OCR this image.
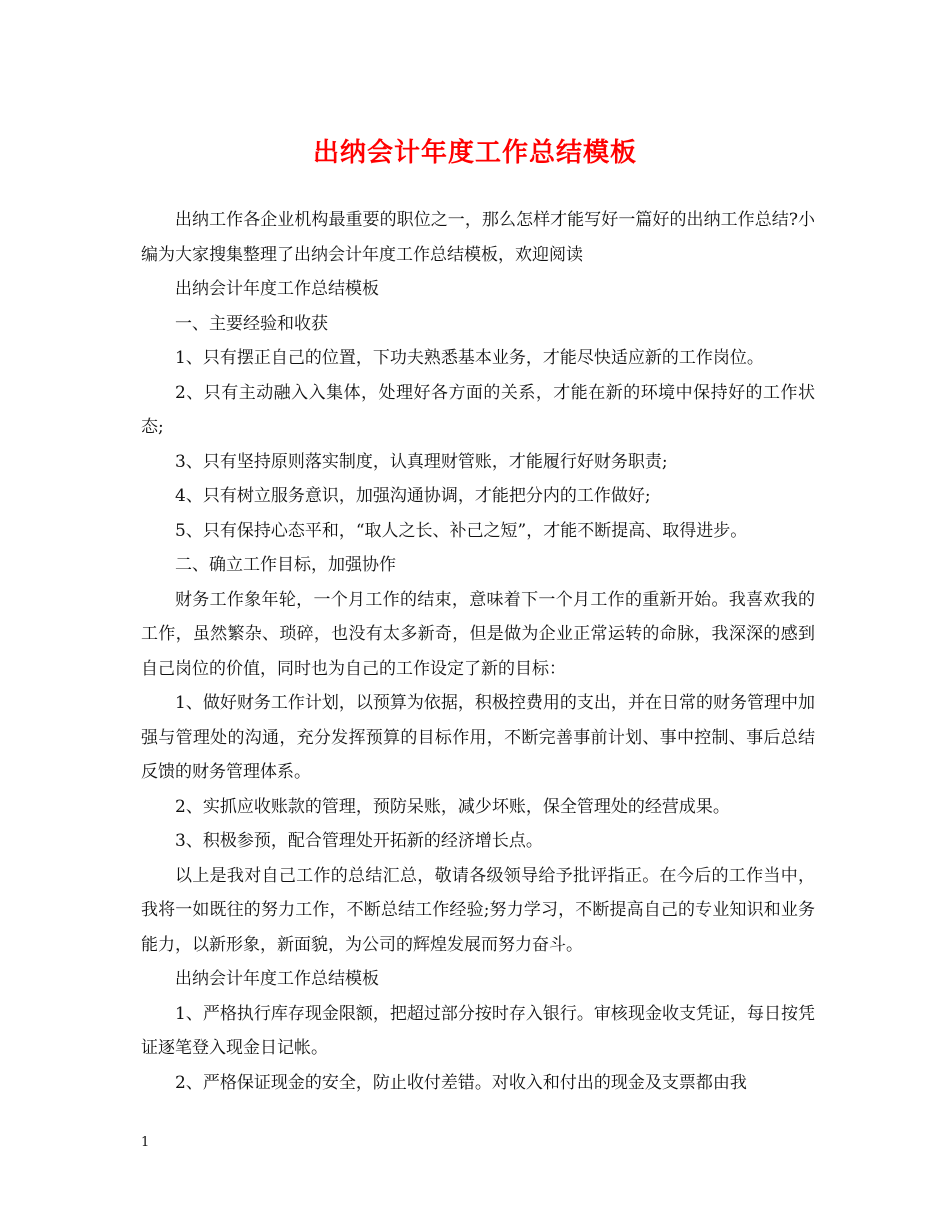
出纳会计年度工作总结模板

出纳工作各企业机构最重要的职位之一，那么怎样才能写好一篇好的出纳工作总结?小编为大家搜集整理了出纳会计年度工作总结模板，欢迎阅读

出纳会计年度工作总结模板

一、主要经验和收获

1、只有摆正自己的位置，下功夫熟悉基本业务，才能尽快适应新的工作岗位。

2、只有主动融入入集体，处理好各方面的关系，才能在新的环境中保持好的工作状态;

3、只有坚持原则落实制度，认真理财管账，才能履行好财务职责;

4、只有树立服务意识，加强沟通协调，才能把分内的工作做好;

5、只有保持心态平和，“取人之长、补己之短”，才能不断提高、取得进步。

二、确立工作目标，加强协作

财务工作象年轮，一个月工作的结束，意味着下一个月工作的重新开始。我喜欢我的工作，虽然繁杂、琐碎，也没有太多新奇，但是做为企业正常运转的命脉，我深深的感到自己岗位的价值，同时也为自己的工作设定了新的目标：

1、做好财务工作计划，以预算为依据，积极控费用的支出，并在日常的财务管理中加强与管理处的沟通，充分发挥预算的目标作用，不断完善事前计划、事中控制、事后总结反馈的财务管理体系。

2、实抓应收账款的管理，预防呆账，减少坏账，保全管理处的经营成果。

3、积极参预，配合管理处开拓新的经济增长点。

以上是我对自己工作的总结汇总，敬请各级领导给予批评指正。在今后的工作当中，我将一如既往的努力工作，不断总结工作经验;努力学习，不断提高自己的专业知识和业务能力，以新形象，新面貌，为公司的辉煌发展而努力奋斗。

出纳会计年度工作总结模板

1、严格执行库存现金限额，把超过部分按时存入银行。审核现金收支凭证，每日按凭证逐笔登入现金日记帐。

2、严格保证现金的安全，防止收付差错。对收入和付出的现金及支票都由我

1
